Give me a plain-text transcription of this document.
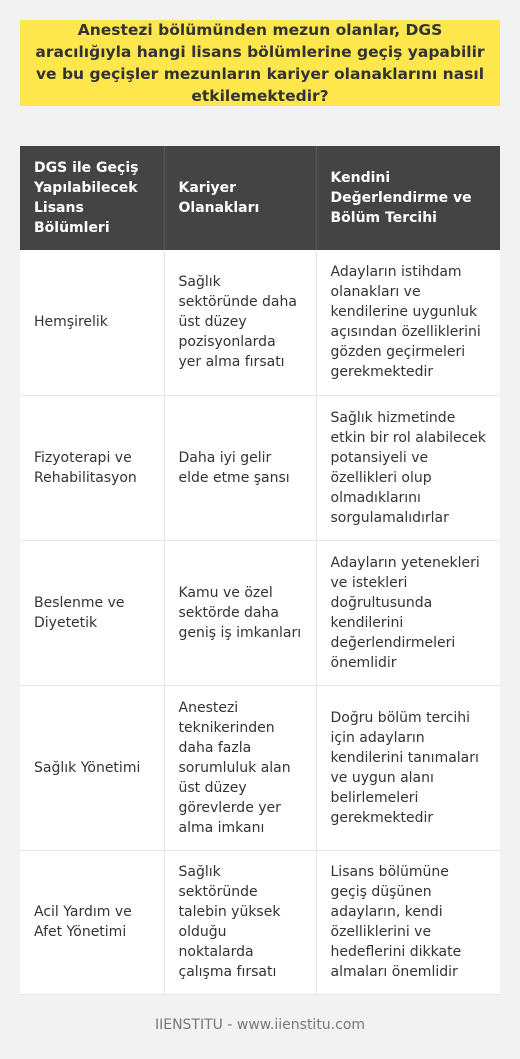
Anestezi bölümünden mezun olanlar, DGS aracılığıyla hangi lisans bölümlerine geçiş yapabilir ve bu geçişler mezunların kariyer olanaklarını nasıl etkilemektedir?
DGS ile Geçiş Yapılabilecek Lisans Bölümleri	Kariyer Olanakları	Kendini Değerlendirme ve Bölüm Tercihi
Hemşirelik	Sağlık sektöründe daha üst düzey pozisyonlarda yer alma fırsatı	Adayların istihdam olanakları ve kendilerine uygunluk açısından özelliklerini gözden geçirmeleri gerekmektedir
Fizyoterapi ve Rehabilitasyon	Daha iyi gelir elde etme şansı	Sağlık hizmetinde etkin bir rol alabilecek potansiyeli ve özellikleri olup olmadıklarını sorgulamalıdırlar
Beslenme ve Diyetetik	Kamu ve özel sektörde daha geniş iş imkanları	Adayların yetenekleri ve istekleri doğrultusunda kendilerini değerlendirmeleri önemlidir
Sağlık Yönetimi	Anestezi teknikerinden daha fazla sorumluluk alan üst düzey görevlerde yer alma imkanı	Doğru bölüm tercihi için adayların kendilerini tanımaları ve uygun alanı belirlemeleri gerekmektedir
Acil Yardım ve Afet Yönetimi	Sağlık sektöründe talebin yüksek olduğu noktalarda çalışma fırsatı	Lisans bölümüne geçiş düşünen adayların, kendi özelliklerini ve hedeflerini dikkate almaları önemlidir
IIENSTITU - www.iienstitu.com
